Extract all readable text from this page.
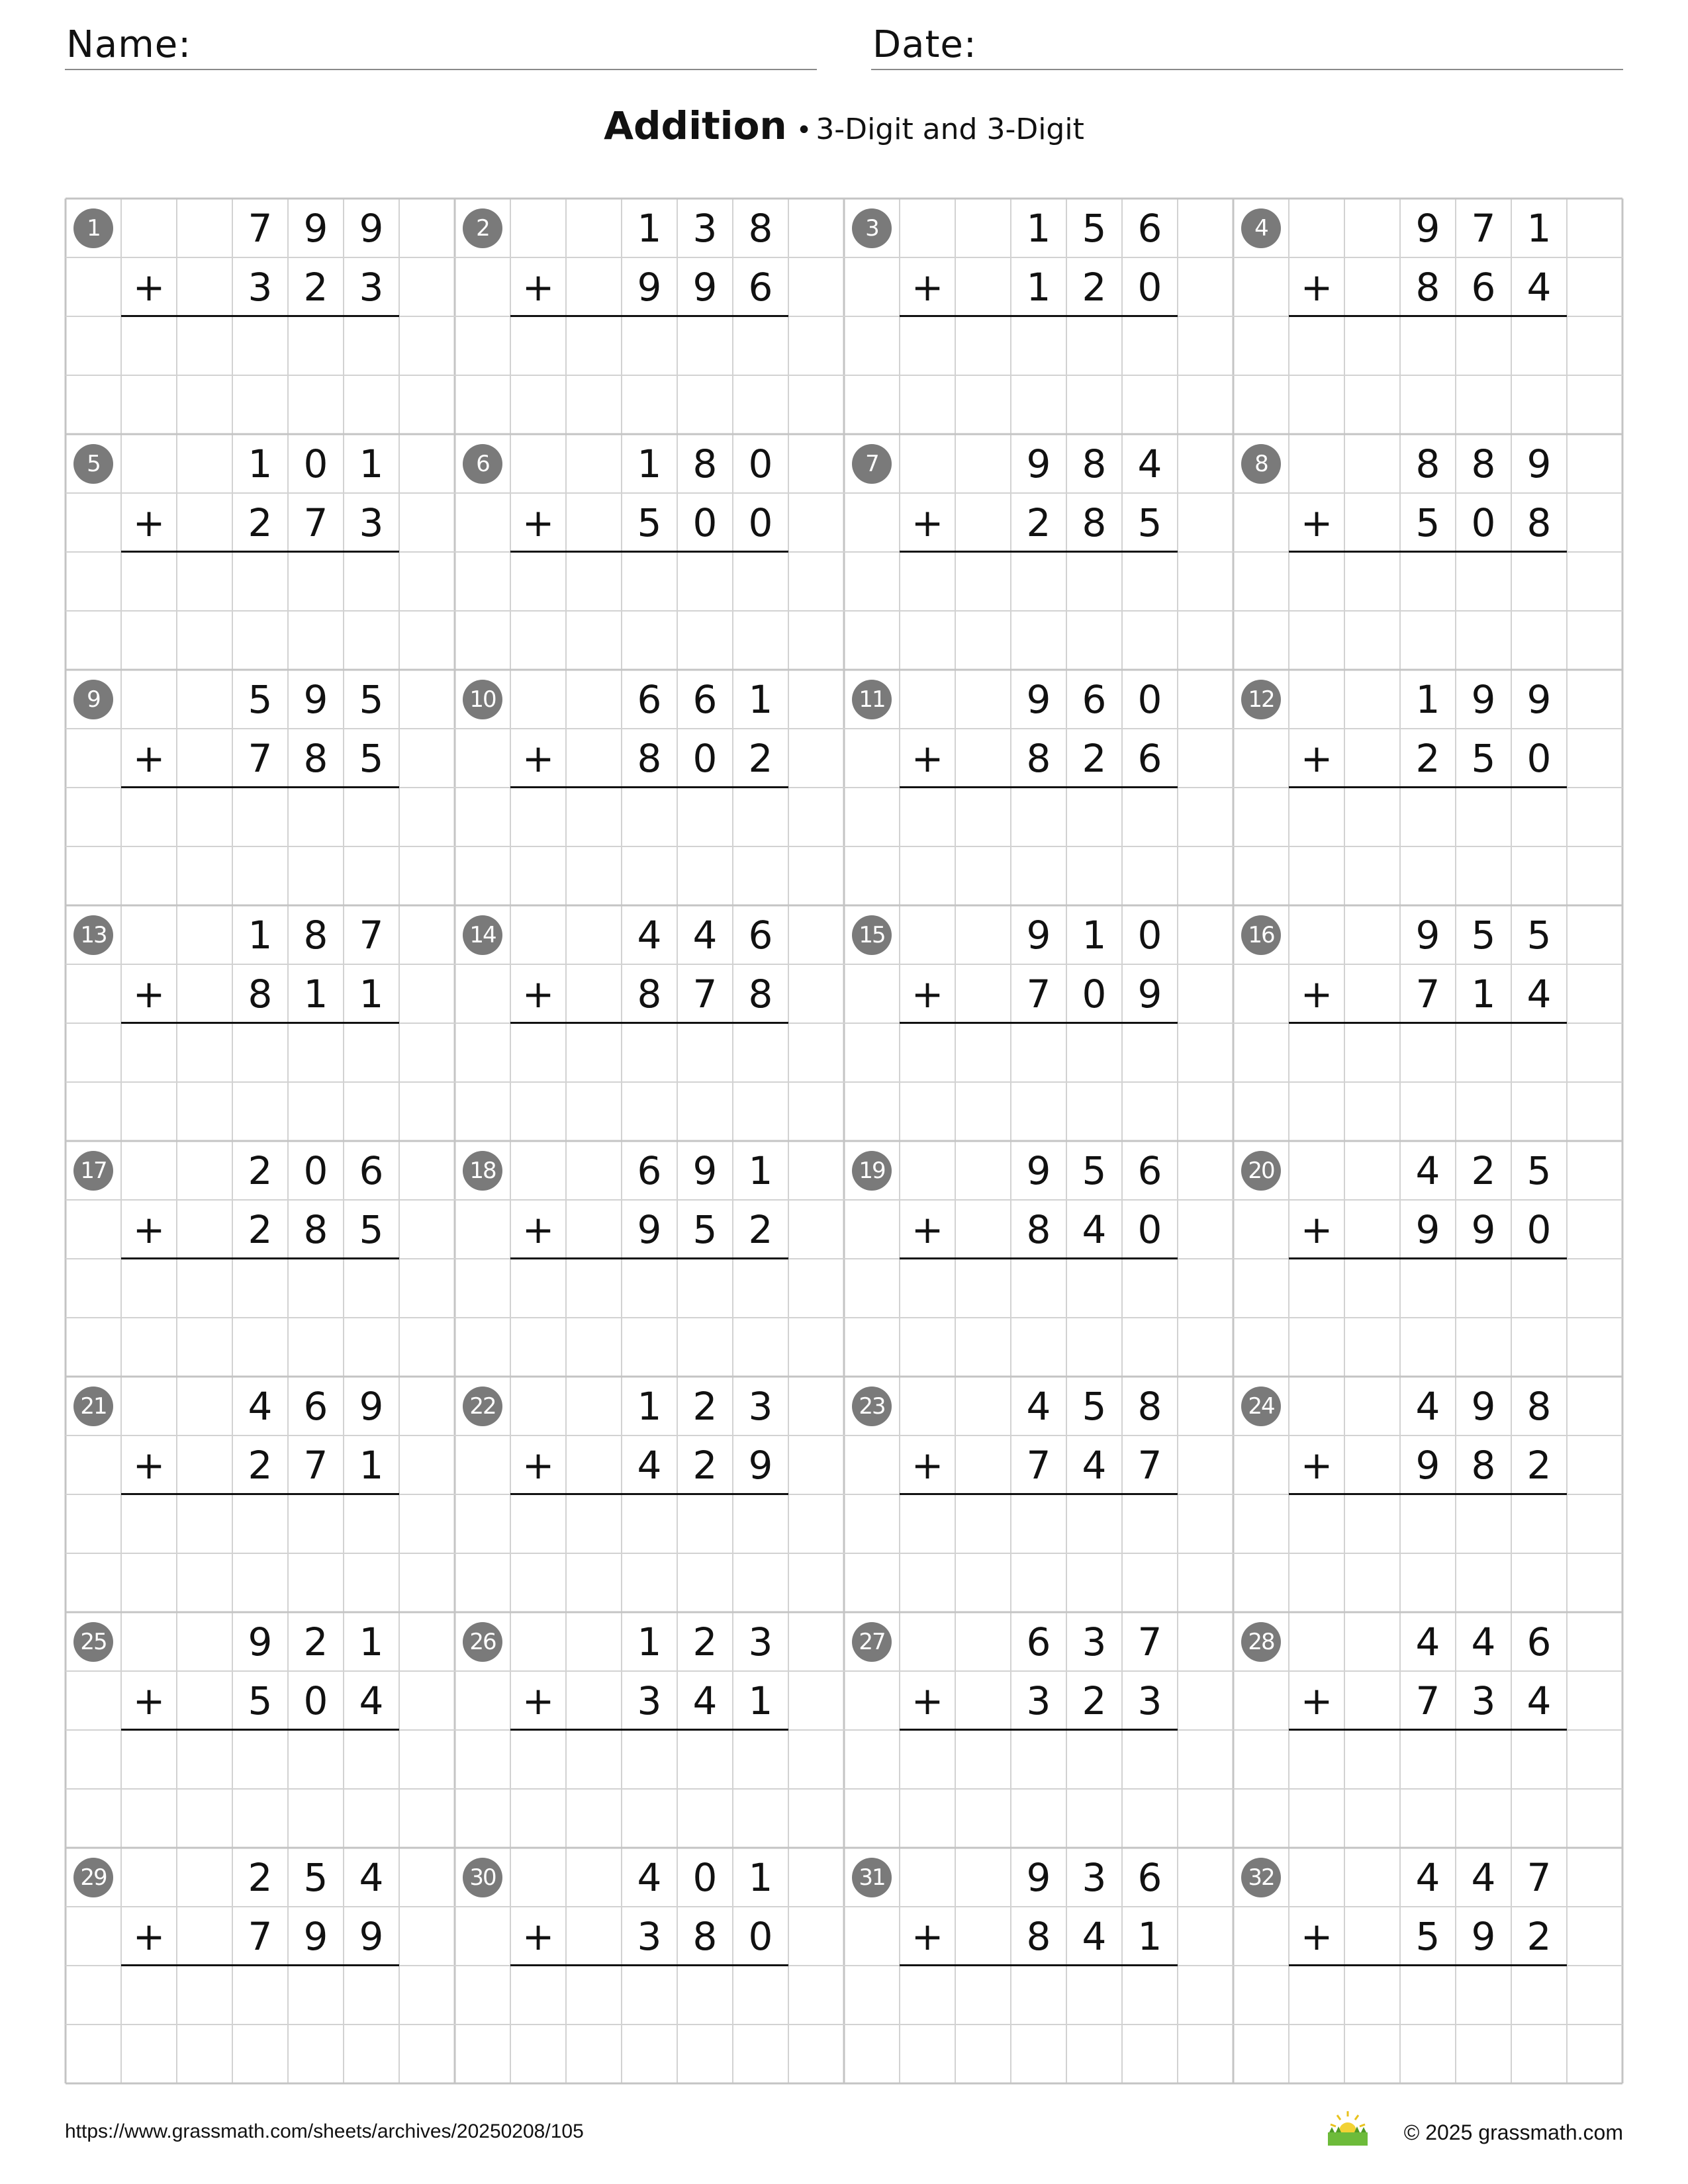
Name:	Date:
Addition • 3-Digit and 3-Digit
1	7 9 9
+	3 2 3
2	1 3 8
+	9 9 6
3	1 5 6
+	1 2 0
4	9 7 1
+	8 6 4
5	1 0 1
+	2 7 3
6	1 8 0
+	5 0 0
7	9 8 4
+	2 8 5
8	8 8 9
+	5 0 8
9	5 9 5
+	7 8 5
10	6 6 1
+	8 0 2
11	9 6 0
+	8 2 6
12	1 9 9
+	2 5 0
13	1 8 7
+	8 1 1
14	4 4 6
+	8 7 8
15	9 1 0
+	7 0 9
16	9 5 5
+	7 1 4
17	2 0 6
+	2 8 5
18	6 9 1
+	9 5 2
19	9 5 6
+	8 4 0
20	4 2 5
+	9 9 0
21	4 6 9
+	2 7 1
22	1 2 3
+	4 2 9
23	4 5 8
+	7 4 7
24	4 9 8
+	9 8 2
25	9 2 1
+	5 0 4
26	1 2 3
+	3 4 1
27	6 3 7
+	3 2 3
28	4 4 6
+	7 3 4
29	2 5 4
+	7 9 9
30	4 0 1
+	3 8 0
31	9 3 6
+	8 4 1
32	4 4 7
+	5 9 2
https://www.grassmath.com/sheets/archives/20250208/105	© 2025 grassmath.com
